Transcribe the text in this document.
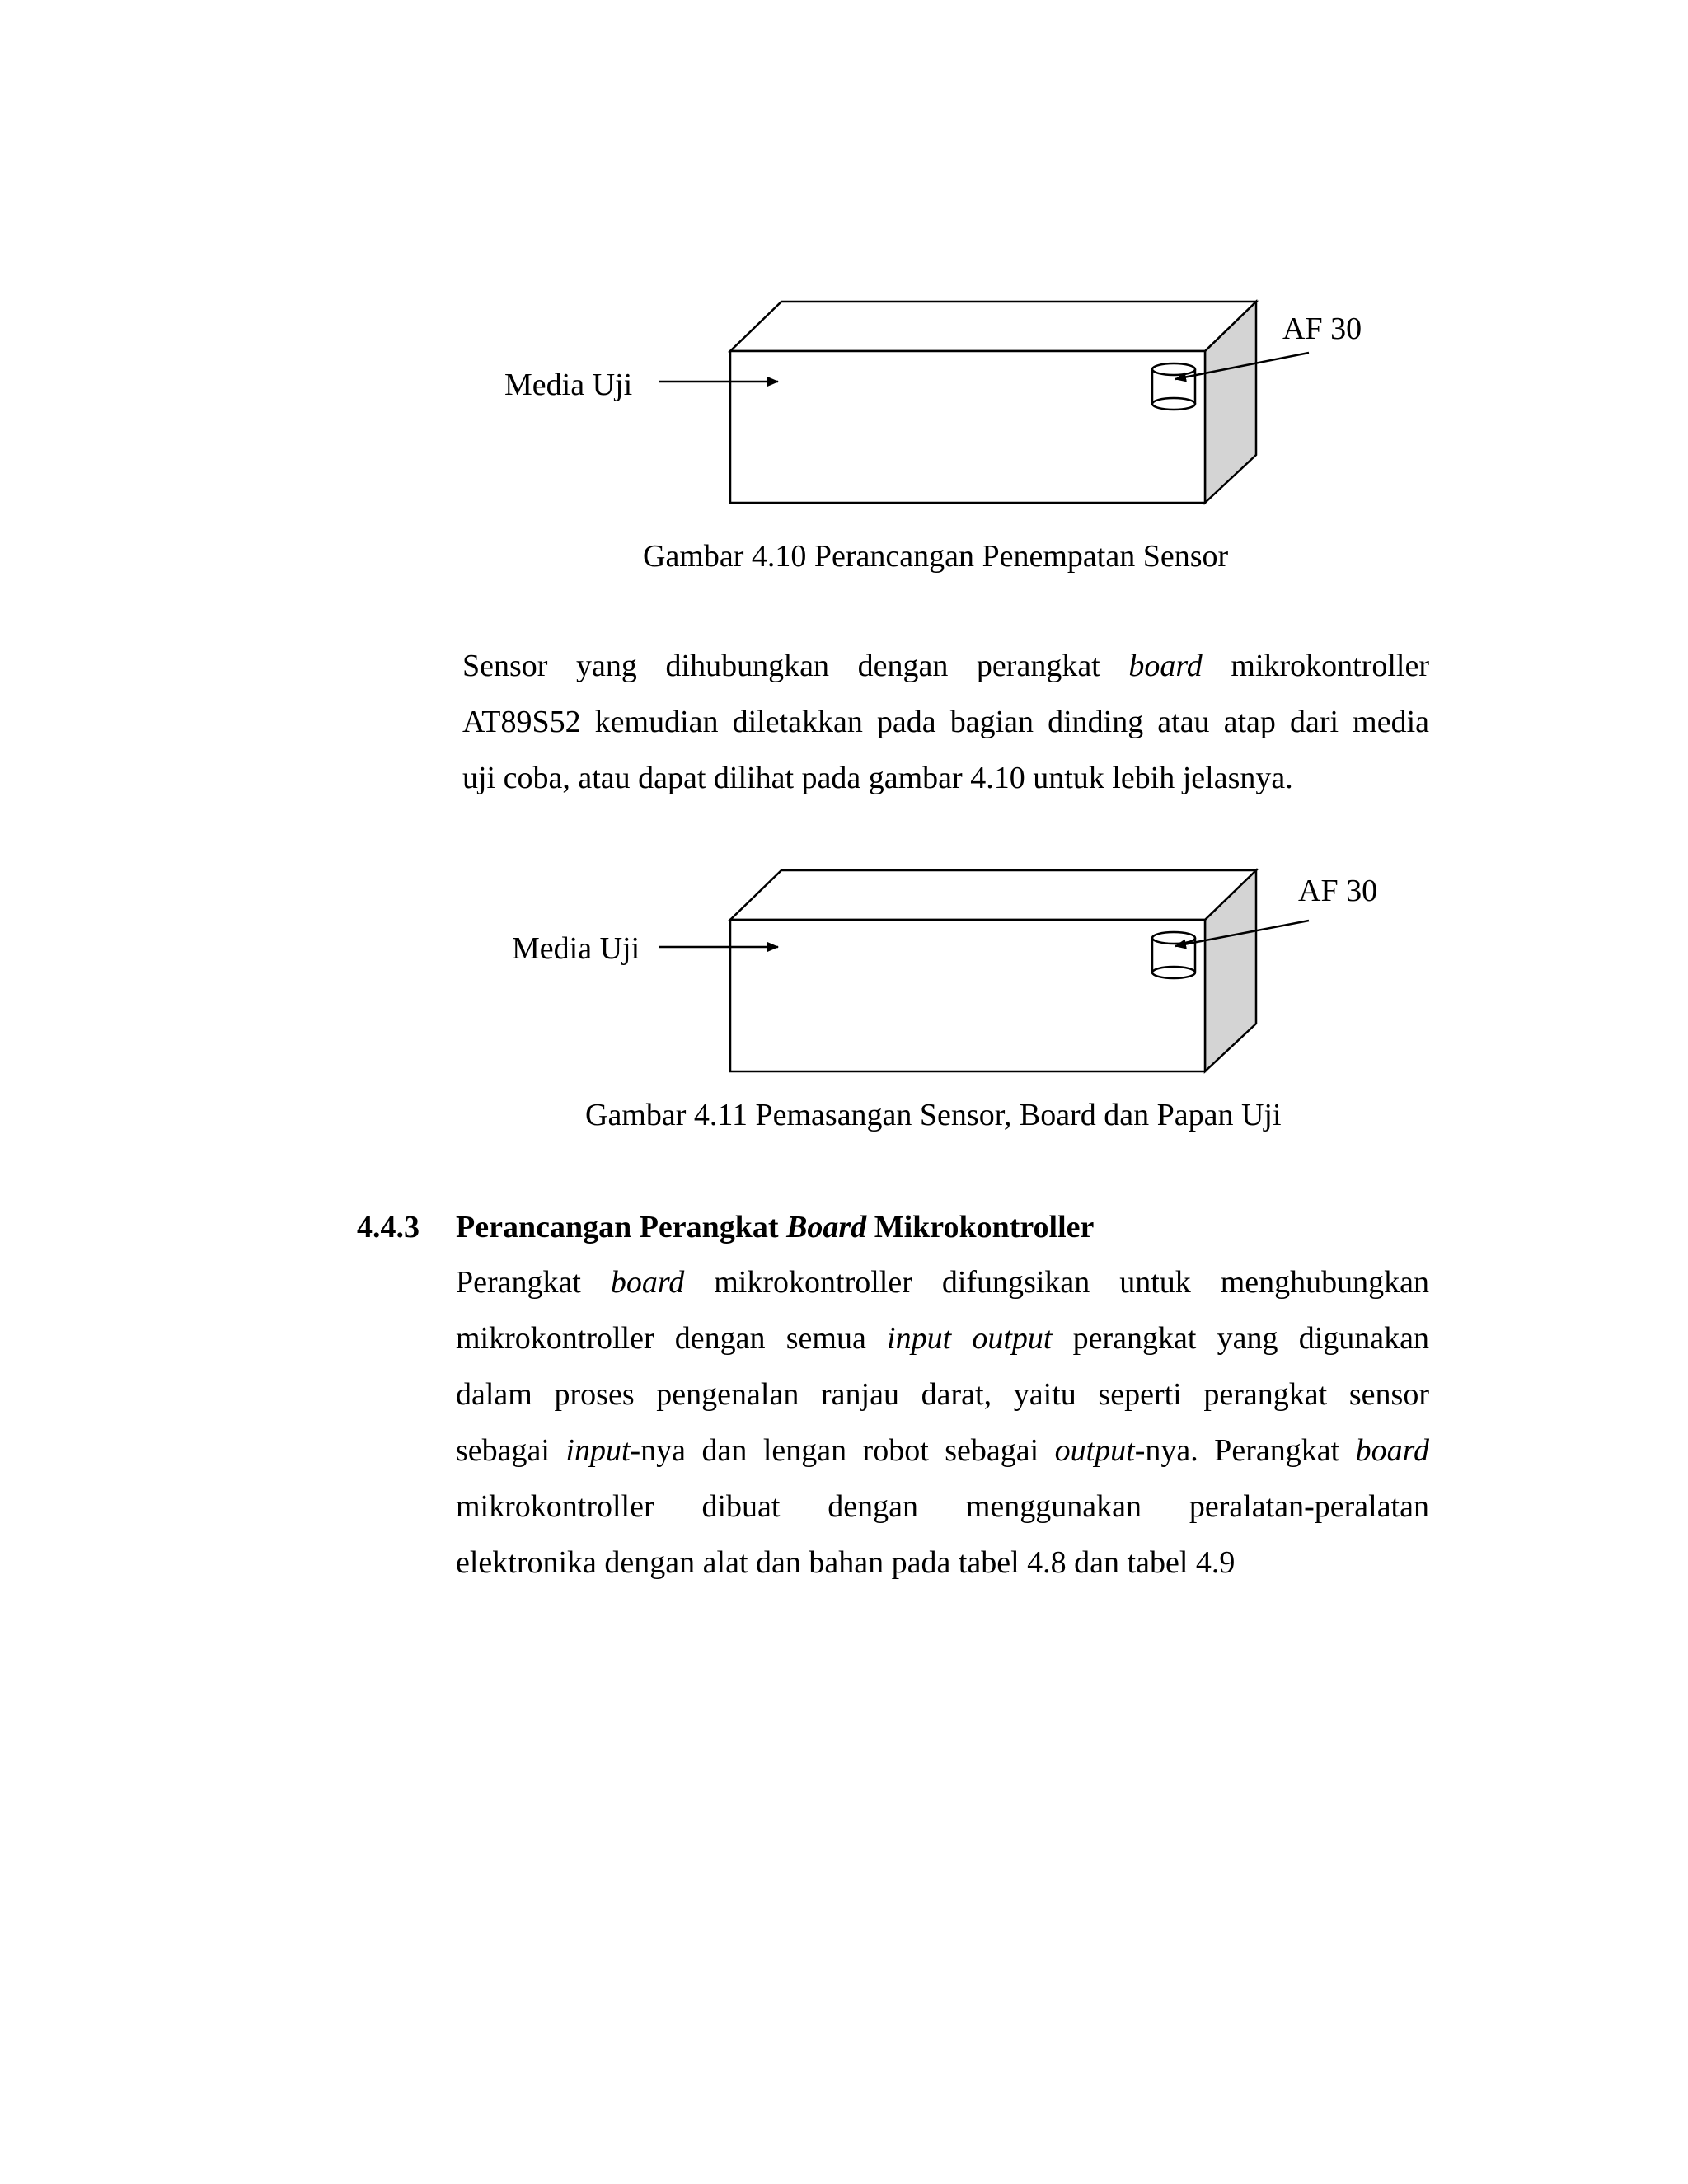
Media Uji
AF 30
Gambar 4.10 Perancangan Penempatan Sensor
Sensor yang dihubungkan dengan perangkat board mikrokontroller
AT89S52 kemudian diletakkan pada bagian dinding atau atap dari media
uji coba, atau dapat dilihat pada gambar 4.10 untuk lebih jelasnya.
Media Uji
AF 30
Gambar 4.11 Pemasangan Sensor, Board dan Papan Uji
4.4.3 Perancangan Perangkat Board Mikrokontroller
Perangkat board mikrokontroller difungsikan untuk menghubungkan
mikrokontroller dengan semua input output perangkat yang digunakan
dalam proses pengenalan ranjau darat, yaitu seperti perangkat sensor
sebagai input-nya dan lengan robot sebagai output-nya. Perangkat board
mikrokontroller dibuat dengan menggunakan peralatan-peralatan
elektronika dengan alat dan bahan pada tabel 4.8 dan tabel 4.9
